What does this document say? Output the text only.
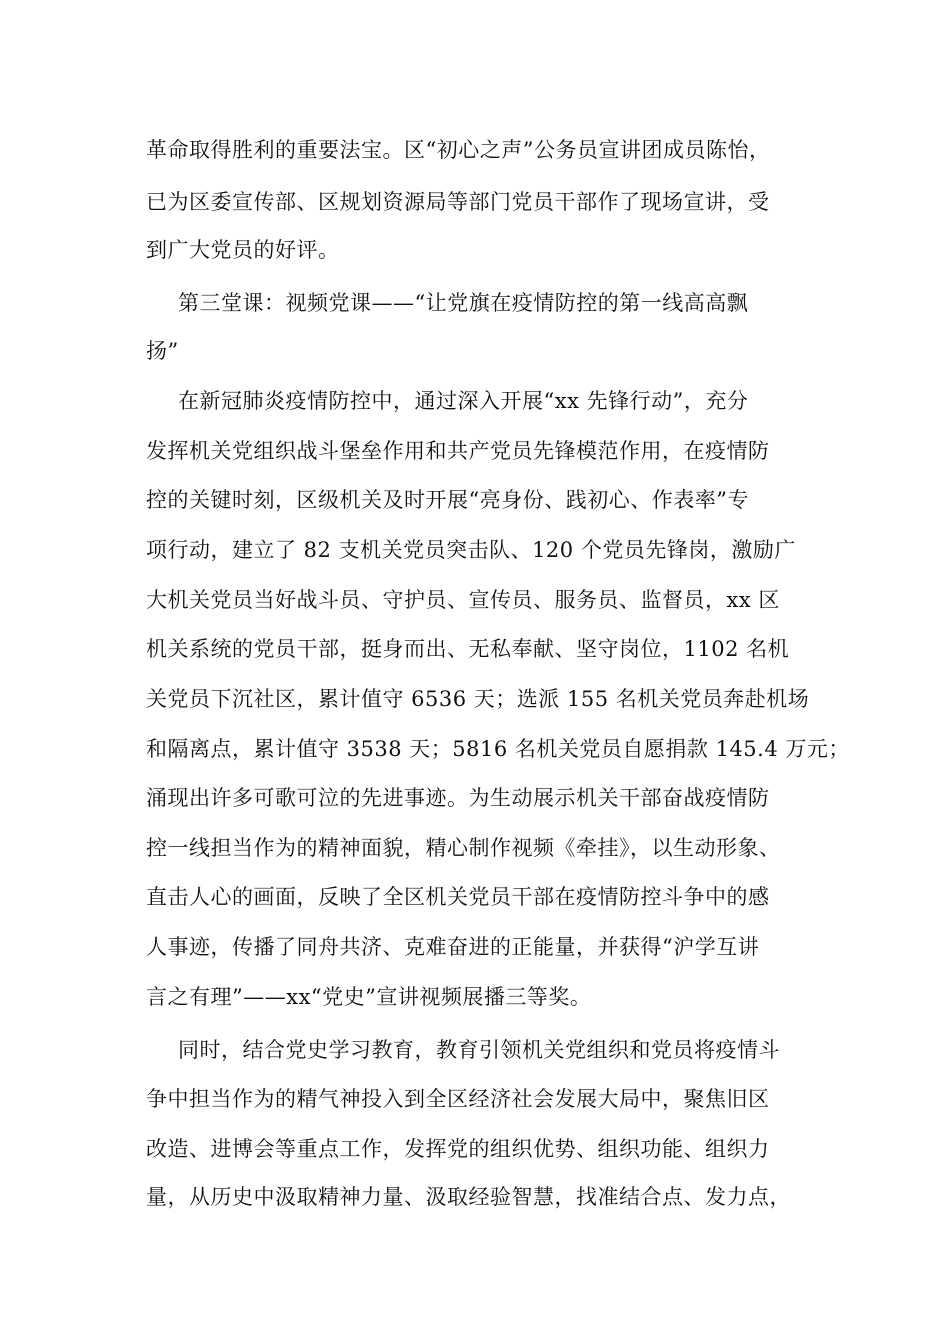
革命取得胜利的重要法宝。区“初心之声”公务员宣讲团成员陈怡，
已为区委宣传部、区规划资源局等部门党员干部作了现场宣讲，受
到广大党员的好评。
第三堂课：视频党课——“让党旗在疫情防控的第一线高高飘
扬”
在新冠肺炎疫情防控中，通过深入开展“xx 先锋行动”，充分
发挥机关党组织战斗堡垒作用和共产党员先锋模范作用，在疫情防
控的关键时刻，区级机关及时开展“亮身份、践初心、作表率”专
项行动，建立了 82 支机关党员突击队、120 个党员先锋岗，激励广
大机关党员当好战斗员、守护员、宣传员、服务员、监督员，xx 区
机关系统的党员干部，挺身而出、无私奉献、坚守岗位，1102 名机
关党员下沉社区，累计值守 6536 天；选派 155 名机关党员奔赴机场
和隔离点，累计值守 3538 天；5816 名机关党员自愿捐款 145.4 万元；
涌现出许多可歌可泣的先进事迹。为生动展示机关干部奋战疫情防
控一线担当作为的精神面貌，精心制作视频《牵挂》，以生动形象、
直击人心的画面，反映了全区机关党员干部在疫情防控斗争中的感
人事迹，传播了同舟共济、克难奋进的正能量，并获得“沪学互讲
言之有理”——xx“党史”宣讲视频展播三等奖。
同时，结合党史学习教育，教育引领机关党组织和党员将疫情斗
争中担当作为的精气神投入到全区经济社会发展大局中，聚焦旧区
改造、进博会等重点工作，发挥党的组织优势、组织功能、组织力
量，从历史中汲取精神力量、汲取经验智慧，找准结合点、发力点，
